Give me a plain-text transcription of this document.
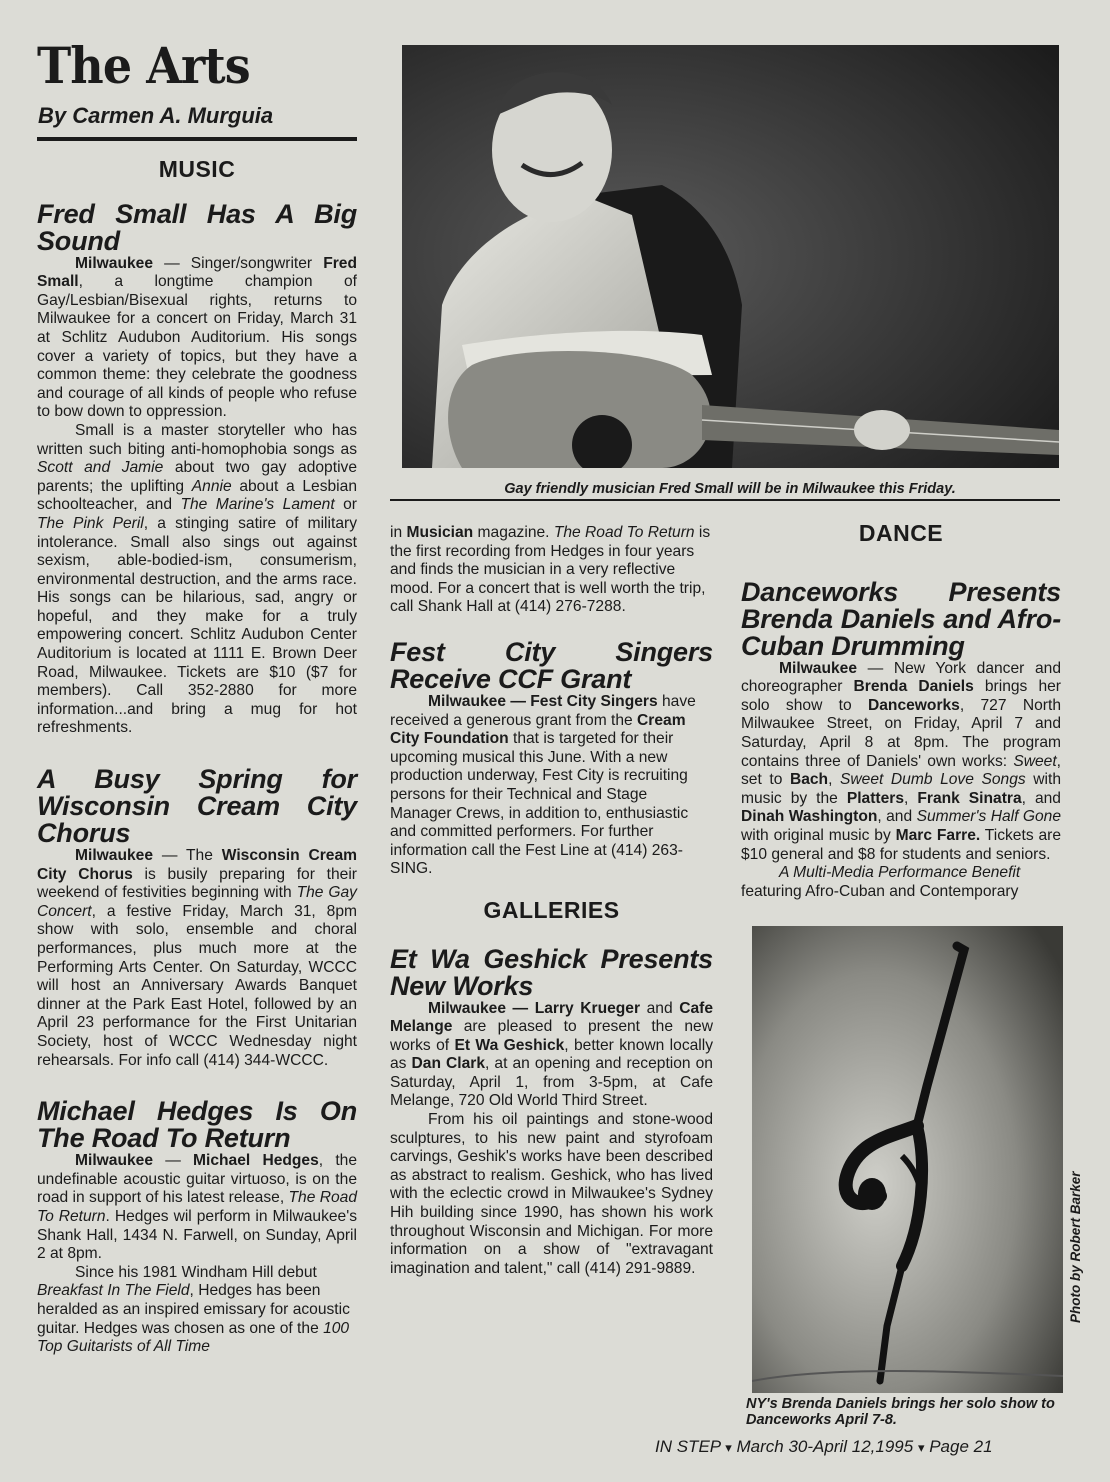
The Arts
By Carmen A. Murguia
MUSIC
Fred Small Has A Big Sound

Milwaukee — Singer/songwriter Fred Small, a longtime champion of Gay/Lesbian/Bisexual rights, returns to Milwaukee for a concert on Friday, March 31 at Schlitz Audubon Auditorium. His songs cover a variety of topics, but they have a common theme: they celebrate the goodness and courage of all kinds of people who refuse to bow down to oppression.

Small is a master storyteller who has written such biting anti-homophobia songs as Scott and Jamie about two gay adoptive parents; the uplifting Annie about a Lesbian schoolteacher, and The Marine's Lament or The Pink Peril, a stinging satire of military intolerance. Small also sings out against sexism, able-bodied-ism, consumerism, environmental destruction, and the arms race. His songs can be hilarious, sad, angry or hopeful, and they make for a truly empowering concert. Schlitz Audubon Center Auditorium is located at 1111 E. Brown Deer Road, Milwaukee. Tickets are $10 ($7 for members). Call 352-2880 for more information...and bring a mug for hot refreshments.

A Busy Spring for Wisconsin Cream City Chorus

Milwaukee — The Wisconsin Cream City Chorus is busily preparing for their weekend of festivities beginning with The Gay Concert, a festive Friday, March 31, 8pm show with solo, ensemble and choral performances, plus much more at the Performing Arts Center. On Saturday, WCCC will host an Anniversary Awards Banquet dinner at the Park East Hotel, followed by an April 23 performance for the First Unitarian Society, host of WCCC Wednesday night rehearsals. For info call (414) 344-WCCC.

Michael Hedges Is On The Road To Return

Milwaukee — Michael Hedges, the undefinable acoustic guitar virtuoso, is on the road in support of his latest release, The Road To Return. Hedges wil perform in Milwaukee's Shank Hall, 1434 N. Farwell, on Sunday, April 2 at 8pm.

Since his 1981 Windham Hill debut Breakfast In The Field, Hedges has been heralded as an inspired emissary for acoustic guitar. Hedges was chosen as one of the 100 Top Guitarists of All Time

Gay friendly musician Fred Small will be in Milwaukee this Friday.

in Musician magazine. The Road To Return is the first recording from Hedges in four years and finds the musician in a very reflective mood. For a concert that is well worth the trip, call Shank Hall at (414) 276-7288.

Fest City Singers Receive CCF Grant

Milwaukee — Fest City Singers have received a generous grant from the Cream City Foundation that is targeted for their upcoming musical this June. With a new production underway, Fest City is recruiting persons for their Technical and Stage Manager Crews, in addition to, enthusiastic and committed performers. For further information call the Fest Line at (414) 263-SING.

GALLERIES
Et Wa Geshick Presents New Works

Milwaukee — Larry Krueger and Cafe Melange are pleased to present the new works of Et Wa Geshick, better known locally as Dan Clark, at an opening and reception on Saturday, April 1, from 3-5pm, at Cafe Melange, 720 Old World Third Street.

From his oil paintings and stone-wood sculptures, to his new paint and styrofoam carvings, Geshik's works have been described as abstract to realism. Geshick, who has lived with the eclectic crowd in Milwaukee's Sydney Hih building since 1990, has shown his work throughout Wisconsin and Michigan. For more information on a show of "extravagant imagination and talent," call (414) 291-9889.

DANCE
Danceworks Presents Brenda Daniels and Afro-Cuban Drumming

Milwaukee — New York dancer and choreographer Brenda Daniels brings her solo show to Danceworks, 727 North Milwaukee Street, on Friday, April 7 and Saturday, April 8 at 8pm. The program contains three of Daniels' own works: Sweet, set to Bach, Sweet Dumb Love Songs with music by the Platters, Frank Sinatra, and Dinah Washington, and Summer's Half Gone with original music by Marc Farre. Tickets are $10 general and $8 for students and seniors.

A Multi-Media Performance Benefit featuring Afro-Cuban and Contemporary

Photo by Robert Barker
NY's Brenda Daniels brings her solo show to Danceworks April 7-8.
IN STEP ▾ March 30-April 12,1995 ▾ Page 21
